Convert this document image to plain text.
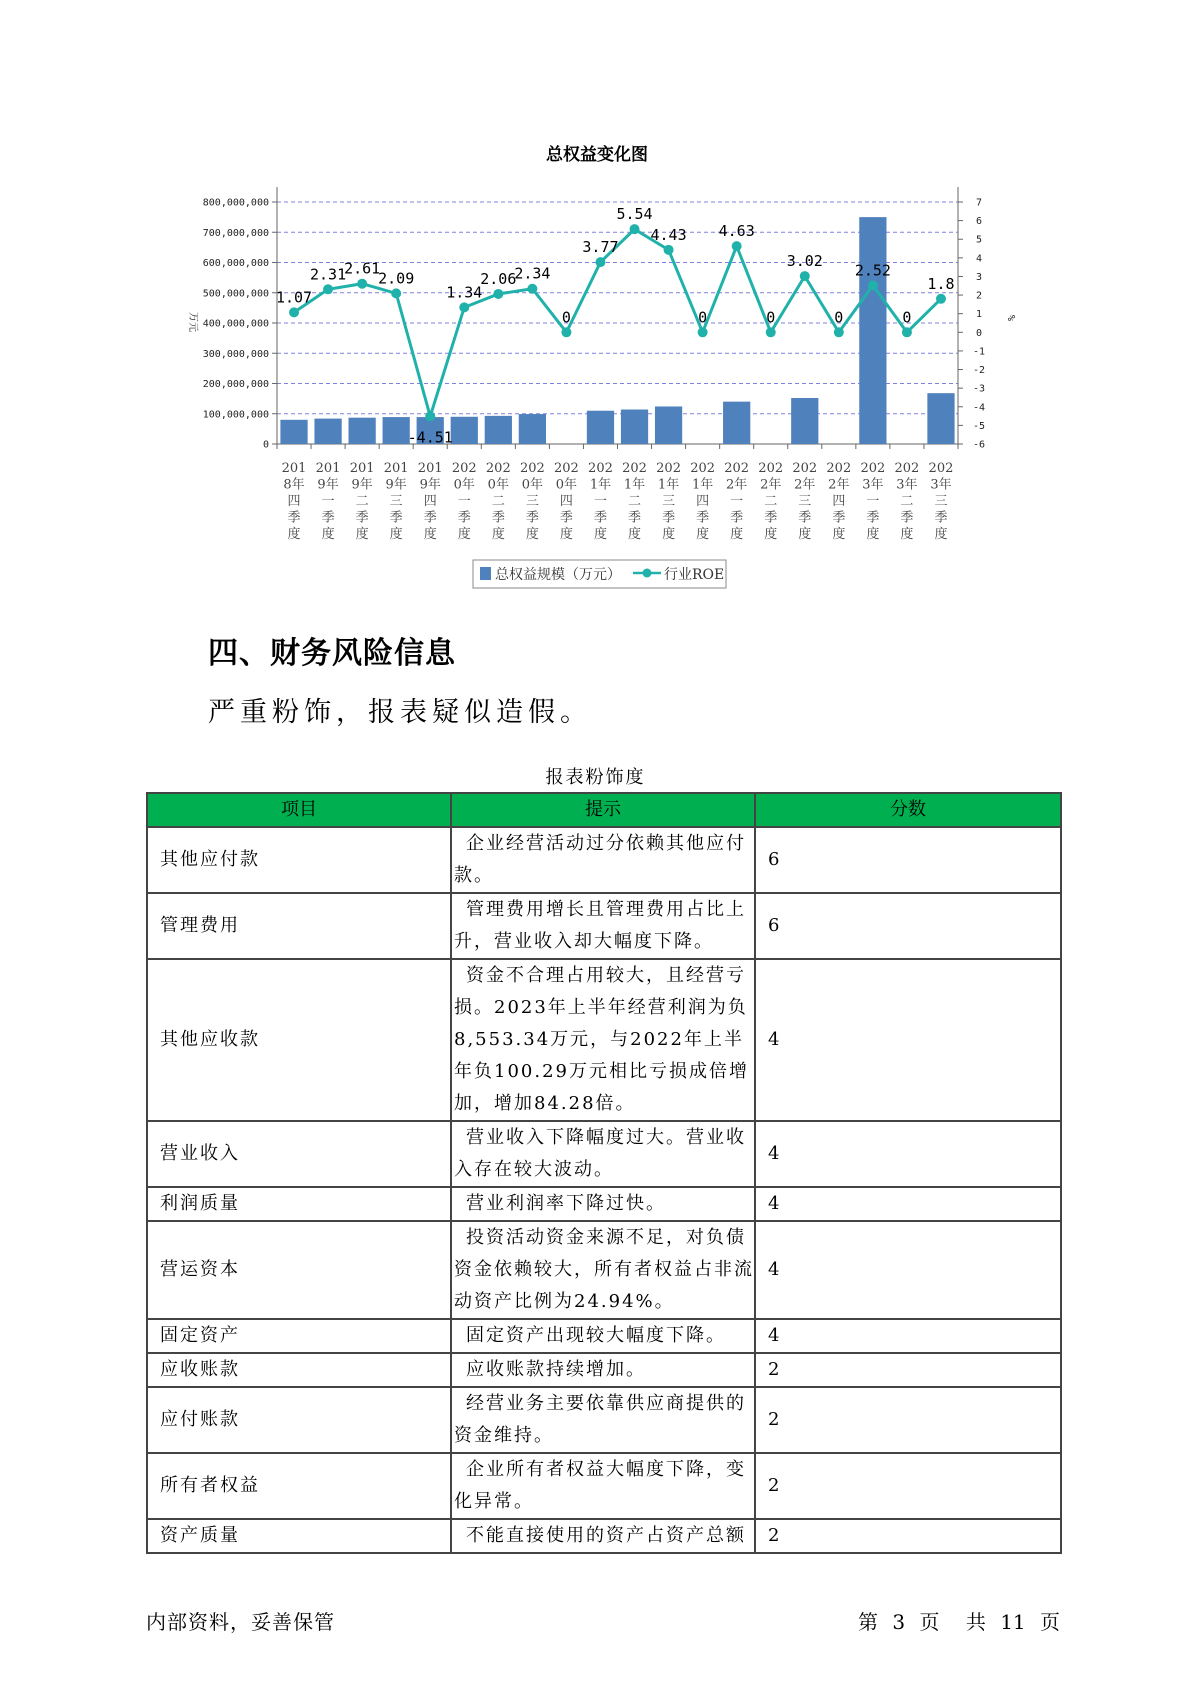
总权益变化图
0
100,000,000
200,000,000
300,000,000
400,000,000
500,000,000
600,000,000
700,000,000
800,000,000
-6
-5
-4
-3
-2
-1
0
1
2
3
4
5
6
7
201
8年
四
季
度
201
9年
一
季
度
201
9年
二
季
度
201
9年
三
季
度
201
9年
四
季
度
202
0年
一
季
度
202
0年
二
季
度
202
0年
三
季
度
202
0年
四
季
度
202
1年
一
季
度
202
1年
二
季
度
202
1年
三
季
度
202
1年
四
季
度
202
2年
一
季
度
202
2年
二
季
度
202
2年
三
季
度
202
2年
四
季
度
202
3年
一
季
度
202
3年
二
季
度
202
3年
三
季
度
1.07
2.31
2.61
2.09
-4.51
1.34
2.06
2.34
0
3.77
5.54
4.43
0
4.63
0
3.02
0
2.52
0
1.8
万元	%
总权益规模（万元）	行业ROE
四、财务风险信息
严重粉饰，报表疑似造假。
报表粉饰度
项目	提示	分数
其他应付款	企业经营活动过分依赖其他应付款。	6
管理费用	管理费用增长且管理费用占比上升，营业收入却大幅度下降。	6
其他应收款	资金不合理占用较大，且经营亏损。2023年上半年经营利润为负8,553.34万元，与2022年上半年负100.29万元相比亏损成倍增加，增加84.28倍。	4
营业收入	营业收入下降幅度过大。营业收入存在较大波动。	4
利润质量	营业利润率下降过快。	4
营运资本	投资活动资金来源不足，对负债资金依赖较大，所有者权益占非流动资产比例为24.94%。	4
固定资产	固定资产出现较大幅度下降。	4
应收账款	应收账款持续增加。	2
应付账款	经营业务主要依靠供应商提供的资金维持。	2
所有者权益	企业所有者权益大幅度下降，变化异常。	2
资产质量	不能直接使用的资产占资产总额	2
内部资料，妥善保管	第 3 页 共 11 页
